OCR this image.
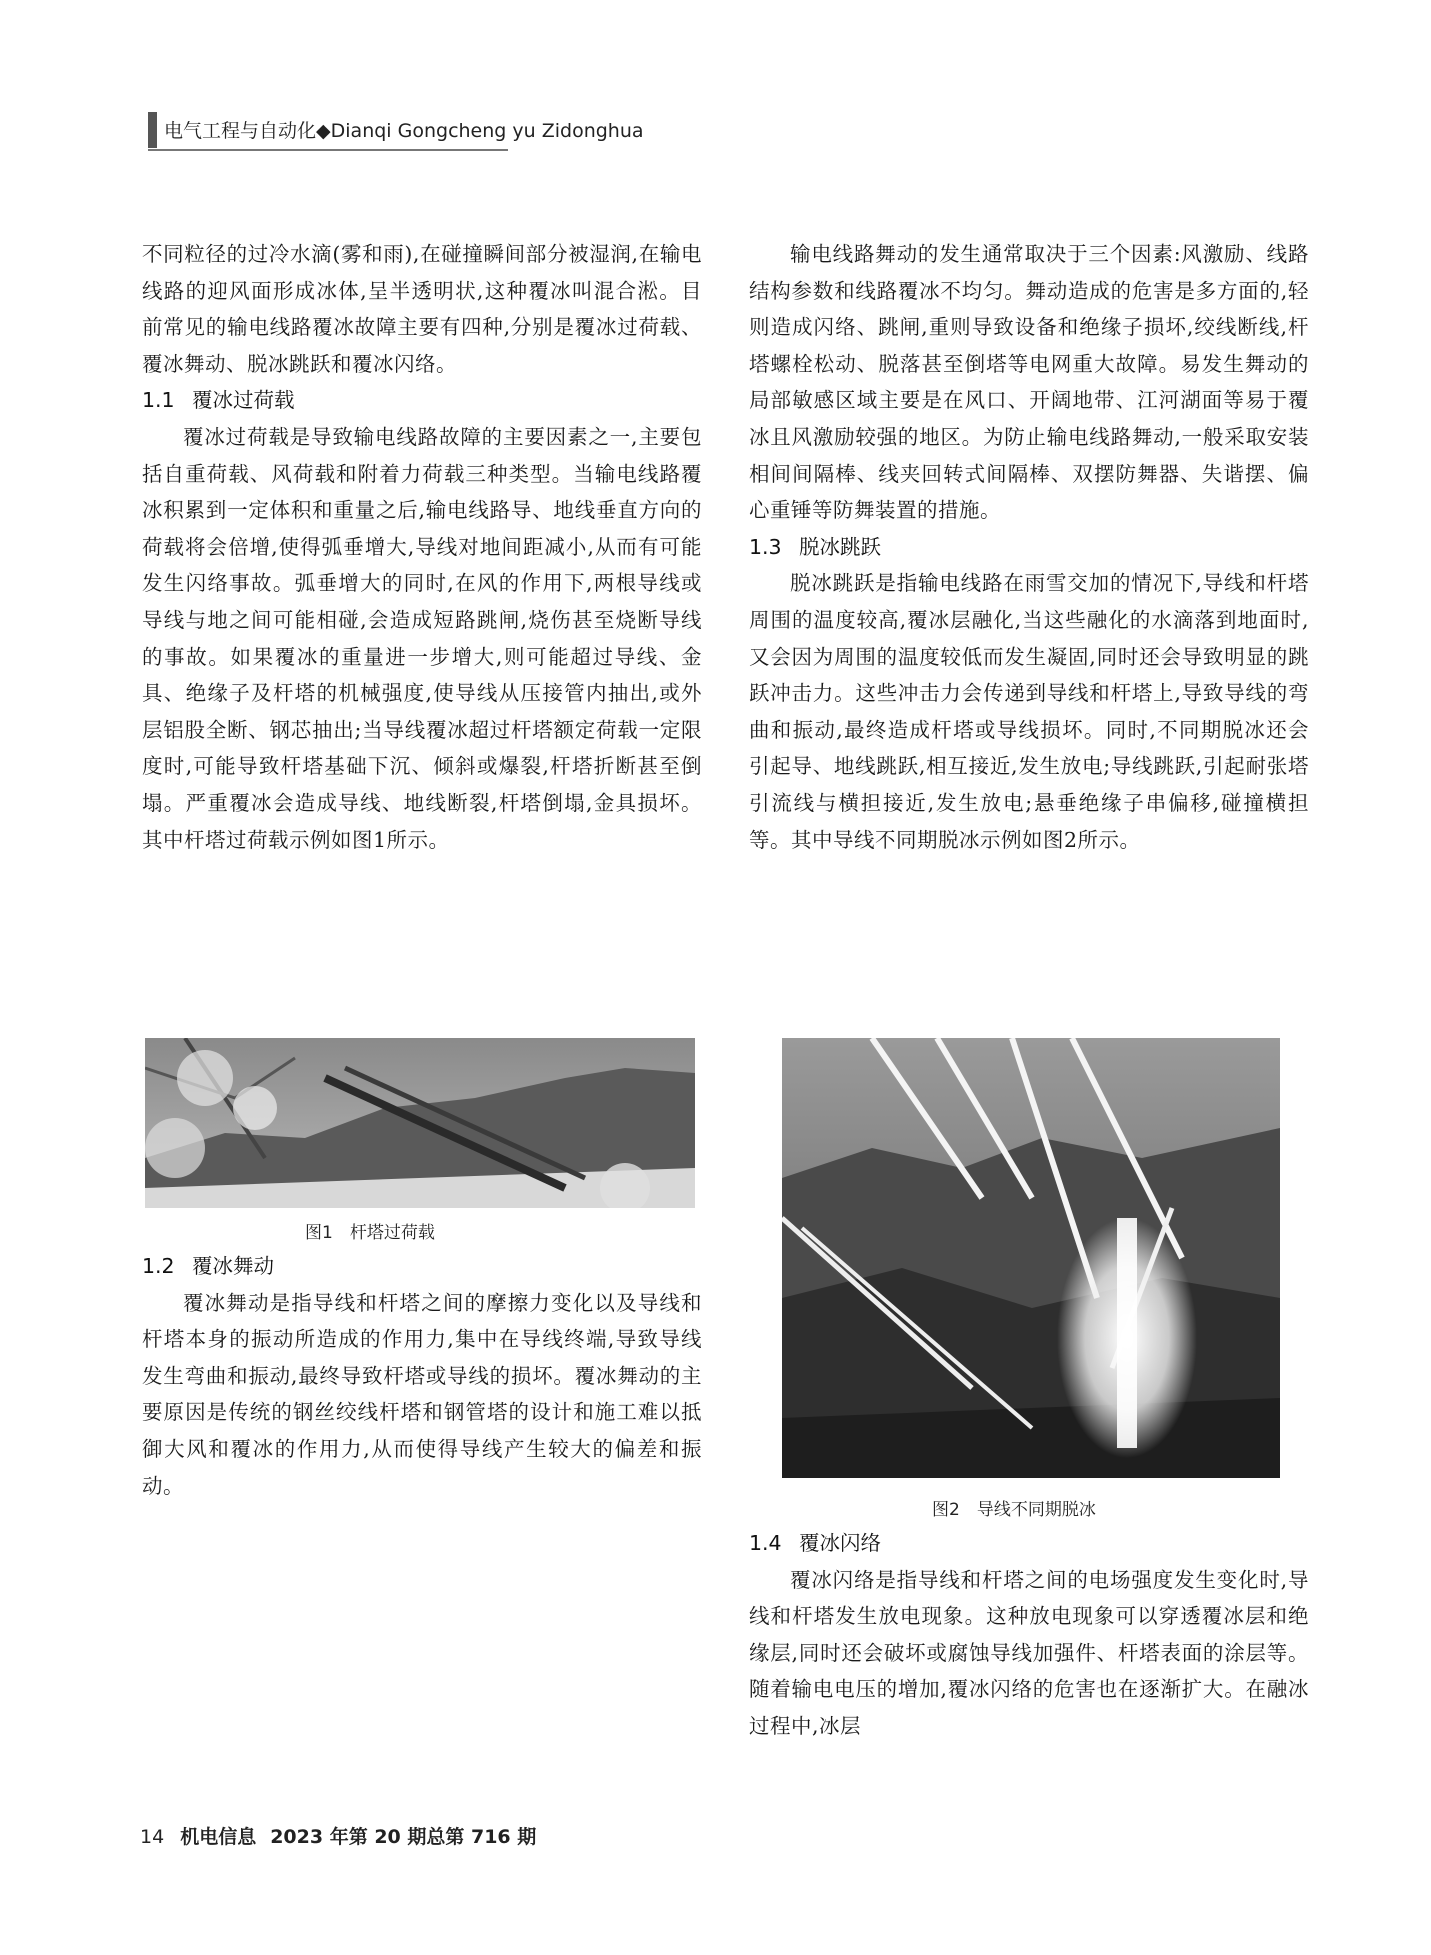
电气工程与自动化◆Dianqi Gongcheng yu Zidonghua

不同粒径的过冷水滴(雾和雨),在碰撞瞬间部分被湿润,在输电线路的迎风面形成冰体,呈半透明状,这种覆冰叫混合淞。目前常见的输电线路覆冰故障主要有四种,分别是覆冰过荷载、覆冰舞动、脱冰跳跃和覆冰闪络。

1.1 覆冰过荷载

覆冰过荷载是导致输电线路故障的主要因素之一,主要包括自重荷载、风荷载和附着力荷载三种类型。当输电线路覆冰积累到一定体积和重量之后,输电线路导、地线垂直方向的荷载将会倍增,使得弧垂增大,导线对地间距减小,从而有可能发生闪络事故。弧垂增大的同时,在风的作用下,两根导线或导线与地之间可能相碰,会造成短路跳闸,烧伤甚至烧断导线的事故。如果覆冰的重量进一步增大,则可能超过导线、金具、绝缘子及杆塔的机械强度,使导线从压接管内抽出,或外层铝股全断、钢芯抽出;当导线覆冰超过杆塔额定荷载一定限度时,可能导致杆塔基础下沉、倾斜或爆裂,杆塔折断甚至倒塌。严重覆冰会造成导线、地线断裂,杆塔倒塌,金具损坏。其中杆塔过荷载示例如图1所示。

图1　杆塔过荷载
1.2 覆冰舞动

覆冰舞动是指导线和杆塔之间的摩擦力变化以及导线和杆塔本身的振动所造成的作用力,集中在导线终端,导致导线发生弯曲和振动,最终导致杆塔或导线的损坏。覆冰舞动的主要原因是传统的钢丝绞线杆塔和钢管塔的设计和施工难以抵御大风和覆冰的作用力,从而使得导线产生较大的偏差和振动。

输电线路舞动的发生通常取决于三个因素:风激励、线路结构参数和线路覆冰不均匀。舞动造成的危害是多方面的,轻则造成闪络、跳闸,重则导致设备和绝缘子损坏,绞线断线,杆塔螺栓松动、脱落甚至倒塔等电网重大故障。易发生舞动的局部敏感区域主要是在风口、开阔地带、江河湖面等易于覆冰且风激励较强的地区。为防止输电线路舞动,一般采取安装相间间隔棒、线夹回转式间隔棒、双摆防舞器、失谐摆、偏心重锤等防舞装置的措施。

1.3 脱冰跳跃

脱冰跳跃是指输电线路在雨雪交加的情况下,导线和杆塔周围的温度较高,覆冰层融化,当这些融化的水滴落到地面时,又会因为周围的温度较低而发生凝固,同时还会导致明显的跳跃冲击力。这些冲击力会传递到导线和杆塔上,导致导线的弯曲和振动,最终造成杆塔或导线损坏。同时,不同期脱冰还会引起导、地线跳跃,相互接近,发生放电;导线跳跃,引起耐张塔引流线与横担接近,发生放电;悬垂绝缘子串偏移,碰撞横担等。其中导线不同期脱冰示例如图2所示。

图2　导线不同期脱冰
1.4 覆冰闪络

覆冰闪络是指导线和杆塔之间的电场强度发生变化时,导线和杆塔发生放电现象。这种放电现象可以穿透覆冰层和绝缘层,同时还会破坏或腐蚀导线加强件、杆塔表面的涂层等。随着输电电压的增加,覆冰闪络的危害也在逐渐扩大。在融冰过程中,冰层

14 机电信息 2023 年第 20 期总第 716 期
